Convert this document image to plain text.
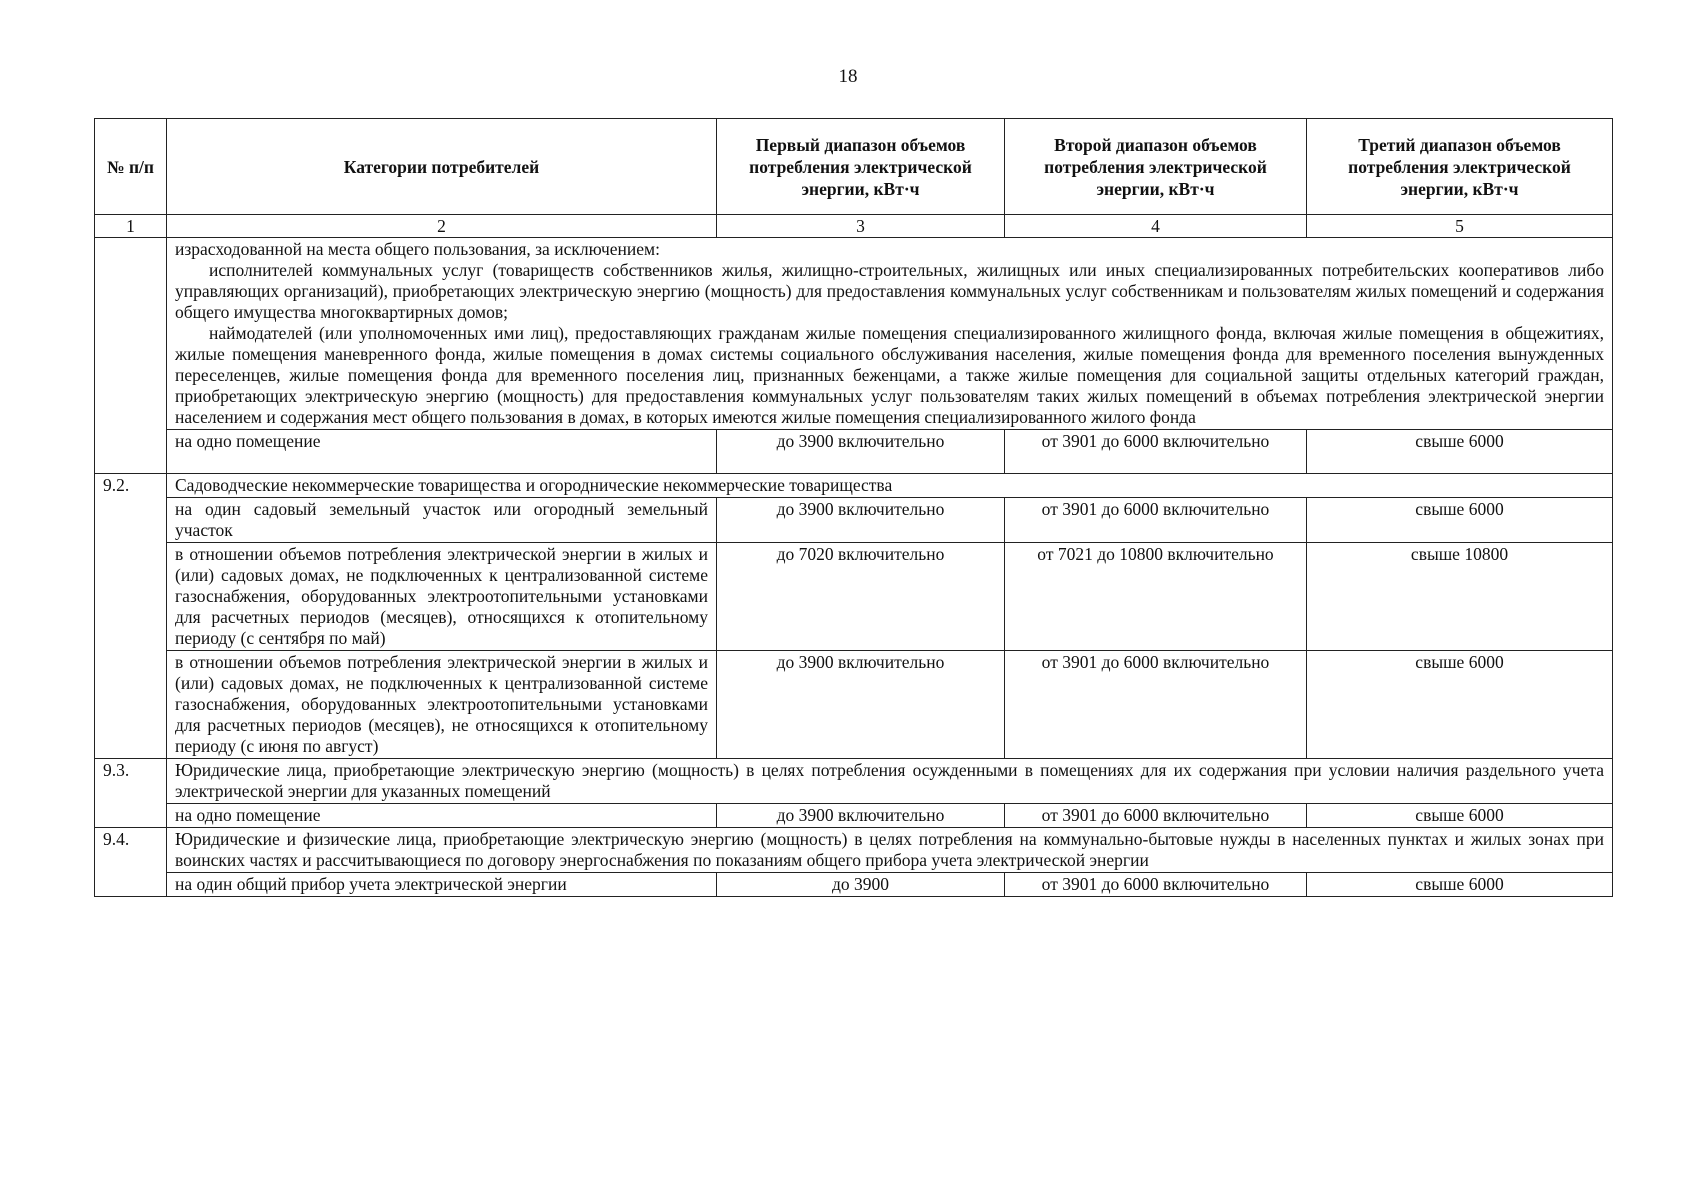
18
№ п/п	Категории потребителей	Первый диапазон объемов потребления электрической энергии, кВт·ч	Второй диапазон объемов потребления электрической энергии, кВт·ч	Третий диапазон объемов потребления электрической энергии, кВт·ч
1	2	3	4	5

	израсходованной на места общего пользования, за исключением:

исполнителей коммунальных услуг (товариществ собственников жилья, жилищно-строительных, жилищных или иных специализированных потребительских кооперативов либо управляющих организаций), приобретающих электрическую энергию (мощность) для предоставления коммунальных услуг собственникам и пользователям жилых помещений и содержания общего имущества многоквартирных домов;

наймодателей (или уполномоченных ими лиц), предоставляющих гражданам жилые помещения специализированного жилищного фонда, включая жилые помещения в общежитиях, жилые помещения маневренного фонда, жилые помещения в домах системы социального обслуживания населения, жилые помещения фонда для временного поселения вынужденных переселенцев, жилые помещения фонда для временного поселения лиц, признанных беженцами, а также жилые помещения для социальной защиты отдельных категорий граждан, приобретающих электрическую энергию (мощность) для предоставления коммунальных услуг пользователям таких жилых помещений в объемах потребления электрической энергии населением и содержания мест общего пользования в домах, в которых имеются жилые помещения специализированного жилого фонда			

	на одно помещение	до 3900 включительно	от 3901 до 6000 включительно	свыше 6000
9.2.	Садоводческие некоммерческие товарищества и огороднические некоммерческие товарищества			
	на один садовый земельный участок или огородный земельный участок	до 3900 включительно	от 3901 до 6000 включительно	свыше 6000
	в отношении объемов потребления электрической энергии в жилых и (или) садовых домах, не подключенных к централизованной системе газоснабжения, оборудованных электроотопительными установками для расчетных периодов (месяцев), относящихся к отопительному периоду (с сентября по май)	до 7020 включительно	от 7021 до 10800 включительно	свыше 10800
	в отношении объемов потребления электрической энергии в жилых и (или) садовых домах, не подключенных к централизованной системе газоснабжения, оборудованных электроотопительными установками для расчетных периодов (месяцев), не относящихся к отопительному периоду (с июня по август)	до 3900 включительно	от 3901 до 6000 включительно	свыше 6000
9.3.	Юридические лица, приобретающие электрическую энергию (мощность) в целях потребления осужденными в помещениях для их содержания при условии наличия раздельного учета электрической энергии для указанных помещений			
	на одно помещение	до 3900 включительно	от 3901 до 6000 включительно	свыше 6000
9.4.	Юридические и физические лица, приобретающие электрическую энергию (мощность) в целях потребления на коммунально-бытовые нужды в населенных пунктах и жилых зонах при воинских частях и рассчитывающиеся по договору энергоснабжения по показаниям общего прибора учета электрической энергии			
	на один общий прибор учета электрической энергии	до 3900	от 3901 до 6000 включительно	свыше 6000
